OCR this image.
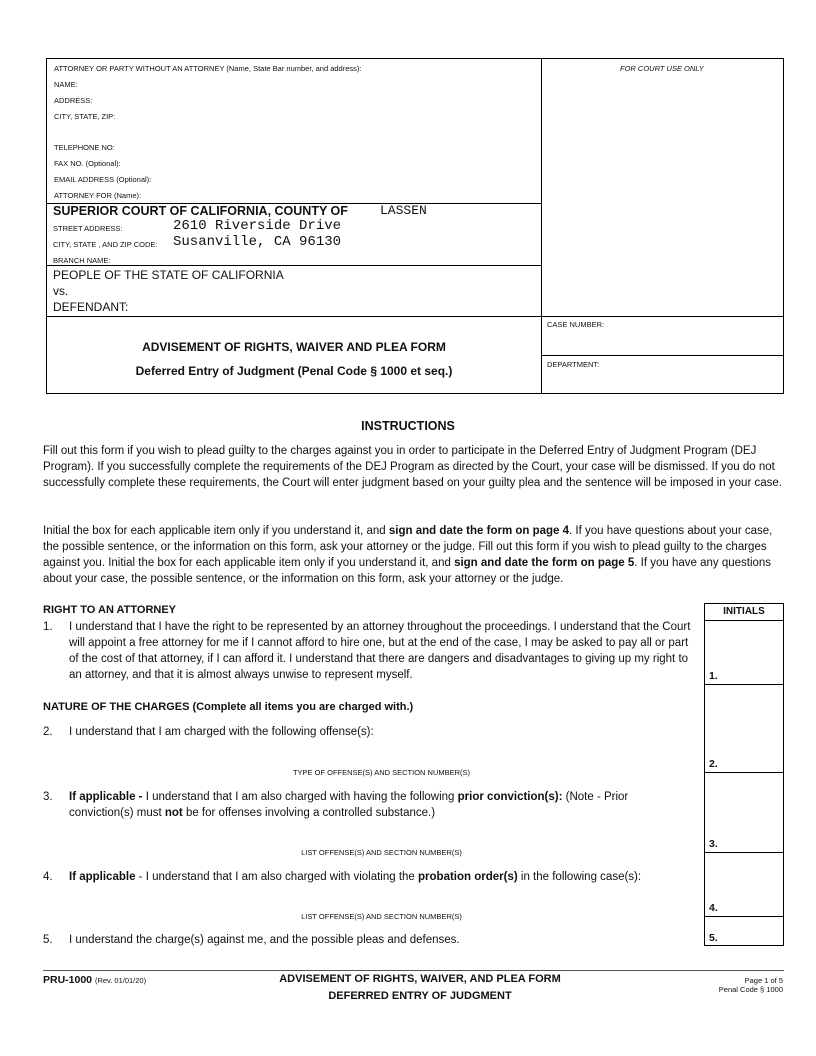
ATTORNEY OR PARTY WITHOUT AN ATTORNEY (Name, State Bar number, and address):	FOR COURT USE ONLY
NAME:
ADDRESS:
CITY, STATE, ZIP:
TELEPHONE NO:
FAX NO. (Optional):
EMAIL ADDRESS (Optional):
ATTORNEY FOR (Name):
SUPERIOR COURT OF CALIFORNIA, COUNTY OF LASSEN
STREET ADDRESS:	2610 Riverside Drive
CITY, STATE , AND ZIP CODE: Susanville, CA 96130
BRANCH NAME:
PEOPLE OF THE STATE OF CALIFORNIA
vs.
DEFENDANT:
CASE NUMBER:
DEPARTMENT:
ADVISEMENT OF RIGHTS, WAIVER AND PLEA FORM
Deferred Entry of Judgment (Penal Code § 1000 et seq.)
INSTRUCTIONS

Fill out this form if you wish to plead guilty to the charges against you in order to participate in the Deferred Entry of Judgment Program (DEJ Program). If you successfully complete the requirements of the DEJ Program as directed by the Court, your case will be dismissed. If you do not successfully complete these requirements, the Court will enter judgment based on your guilty plea and the sentence will be imposed in your case.

Initial the box for each applicable item only if you understand it, and sign and date the form on page 4. If you have questions about your case, the possible sentence, or the information on this form, ask your attorney or the judge. Fill out this form if you wish to plead guilty to the charges against you. Initial the box for each applicable item only if you understand it, and sign and date the form on page 5. If you have any questions about your case, the possible sentence, or the information on this form, ask your attorney or the judge.

INITIALS
1.
2.
3.
4.
5.
RIGHT TO AN ATTORNEY
1. I understand that I have the right to be represented by an attorney throughout the proceedings. I understand that the Court will appoint a free attorney for me if I cannot afford to hire one, but at the end of the case, I may be asked to pay all or part of the cost of that attorney, if I can afford it. I understand that there are dangers and disadvantages to giving up my right to an attorney, and that it is almost always unwise to represent myself.

NATURE OF THE CHARGES (Complete all items you are charged with.)
2. I understand that I am charged with the following offense(s):

TYPE OF OFFENSE(S) AND SECTION NUMBER(S)
3. If applicable - I understand that I am also charged with having the following prior conviction(s): (Note - Prior conviction(s) must not be for offenses involving a controlled substance.)

LIST OFFENSE(S) AND SECTION NUMBER(S)
4. If applicable - I understand that I am also charged with violating the probation order(s) in the following case(s):

LIST OFFENSE(S) AND SECTION NUMBER(S)
5. I understand the charge(s) against me, and the possible pleas and defenses.

PRU-1000 (Rev. 01/01/20)	ADVISEMENT OF RIGHTS, WAIVER, AND PLEA FORM
DEFERRED ENTRY OF JUDGMENT
Page 1 of 5
Penal Code § 1000
